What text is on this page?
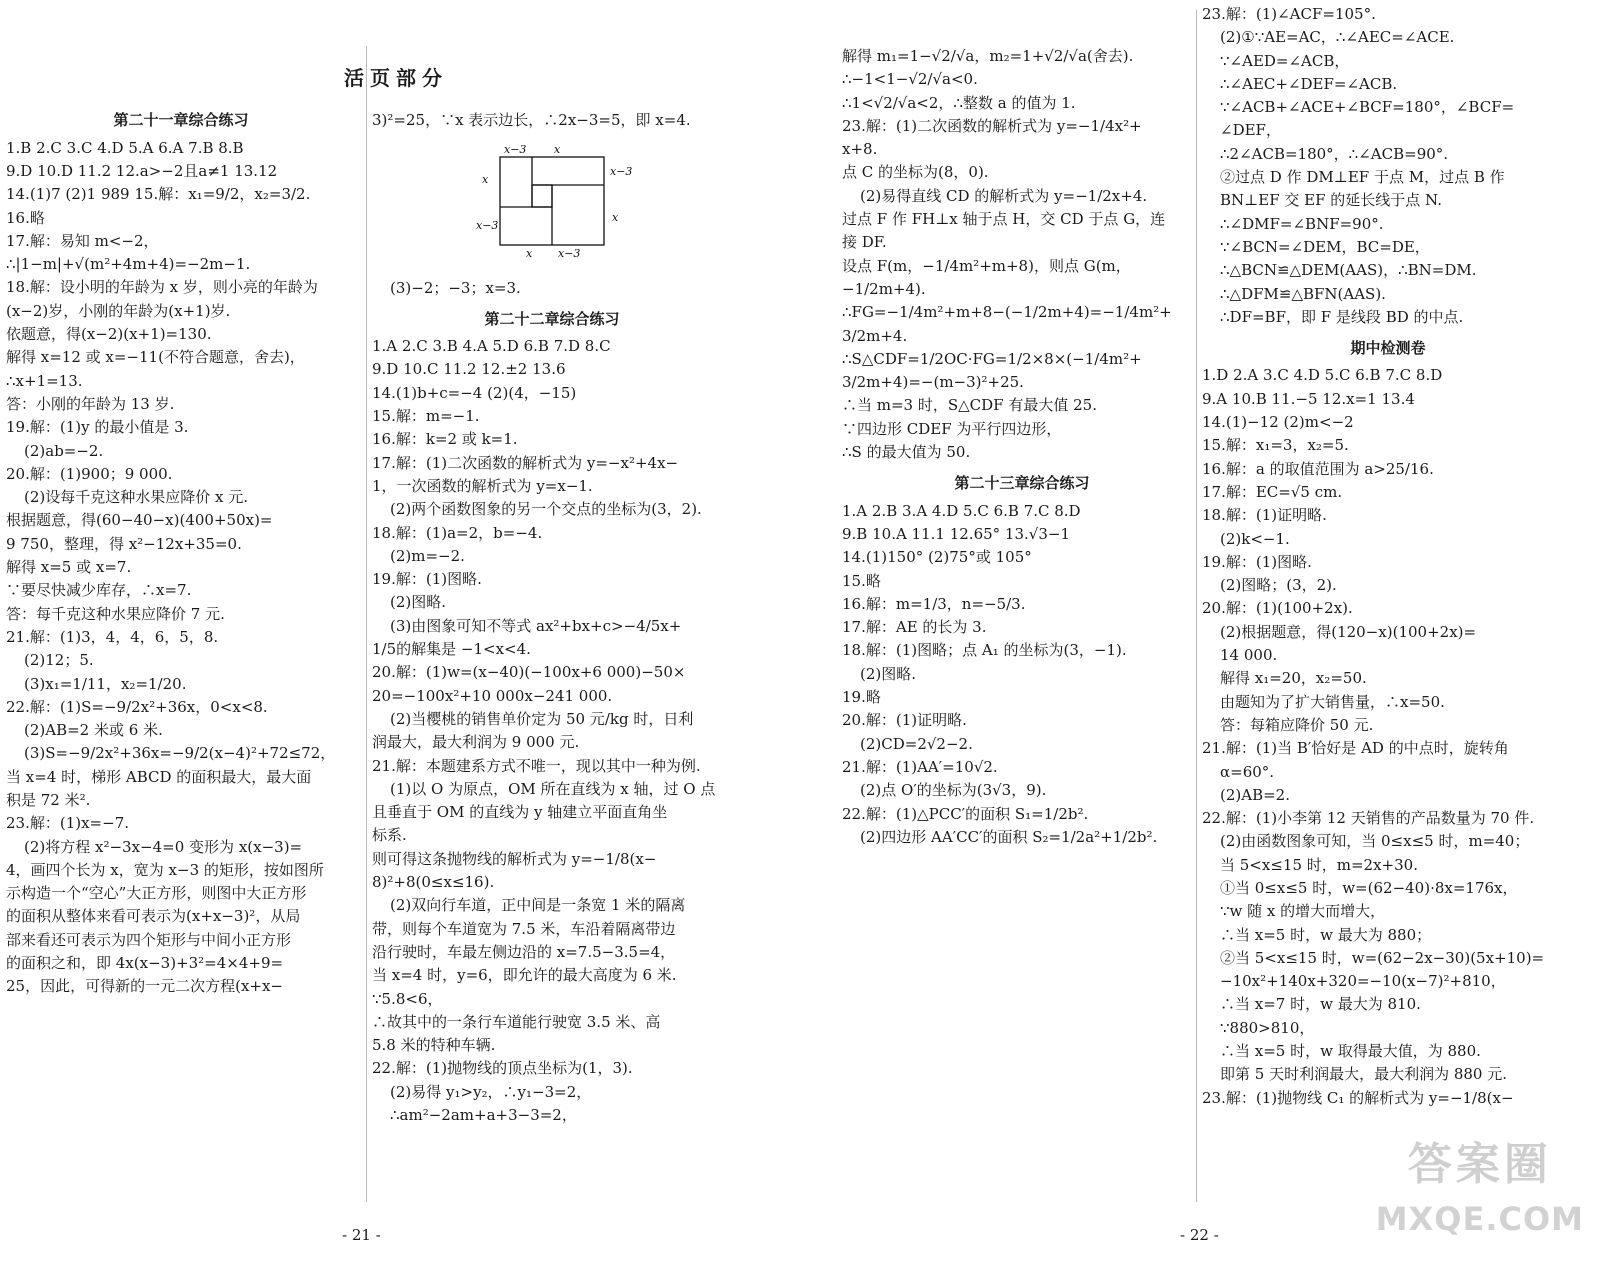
活页部分
第二十一章综合练习
1.B 2.C 3.C 4.D 5.A 6.A 7.B 8.B
9.D 10.D 11.2 12.a>−2且a≠1 13.12
14.(1)7 (2)1 989 15.解：x₁=9/2，x₂=3/2.
16.略
17.解：易知 m<−2，
∴|1−m|+√(m²+4m+4)=−2m−1.
18.解：设小明的年龄为 x 岁，则小亮的年龄为
(x−2)岁，小刚的年龄为(x+1)岁.
依题意，得(x−2)(x+1)=130.
解得 x=12 或 x=−11(不符合题意，舍去)，
∴x+1=13.
答：小刚的年龄为 13 岁.
19.解：(1)y 的最小值是 3.
(2)ab=−2.
20.解：(1)900；9 000.
(2)设每千克这种水果应降价 x 元.
根据题意，得(60−40−x)(400+50x)=
9 750，整理，得 x²−12x+35=0.
解得 x=5 或 x=7.
∵要尽快减少库存，∴x=7.
答：每千克这种水果应降价 7 元.
21.解：(1)3，4，4，6，5，8.
(2)12；5.
(3)x₁=1/11，x₂=1/20.
22.解：(1)S=−9/2x²+36x，0<x<8.
(2)AB=2 米或 6 米.
(3)S=−9/2x²+36x=−9/2(x−4)²+72≤72，
当 x=4 时，梯形 ABCD 的面积最大，最大面
积是 72 米².
23.解：(1)x=−7.
(2)将方程 x²−3x−4=0 变形为 x(x−3)=
4，画四个长为 x，宽为 x−3 的矩形，按如图所
示构造一个“空心”大正方形，则图中大正方形
的面积从整体来看可表示为(x+x−3)²，从局
部来看还可表示为四个矩形与中间小正方形
的面积之和，即 4x(x−3)+3²=4×4+9=
25，因此，可得新的一元二次方程(x+x−
3)²=25，∵x 表示边长，∴2x−3=5，即 x=4.
x−3	x
x
x−3
x−3
x
x x−3
(3)−2；−3；x=3.
第二十二章综合练习
1.A 2.C 3.B 4.A 5.D 6.B 7.D 8.C
9.D 10.C 11.2 12.±2 13.6
14.(1)b+c=−4 (2)(4，−15)
15.解：m=−1.
16.解：k=2 或 k=1.
17.解：(1)二次函数的解析式为 y=−x²+4x−
1，一次函数的解析式为 y=x−1.
(2)两个函数图象的另一个交点的坐标为(3，2).
18.解：(1)a=2，b=−4.
(2)m=−2.
19.解：(1)图略.
(2)图略.
(3)由图象可知不等式 ax²+bx+c>−4/5x+
1/5的解集是 −1<x<4.
20.解：(1)w=(x−40)(−100x+6 000)−50×
20=−100x²+10 000x−241 000.
(2)当樱桃的销售单价定为 50 元/kg 时，日利
润最大，最大利润为 9 000 元.
21.解：本题建系方式不唯一，现以其中一种为例.
(1)以 O 为原点，OM 所在直线为 x 轴，过 O 点
且垂直于 OM 的直线为 y 轴建立平面直角坐
标系.
则可得这条抛物线的解析式为 y=−1/8(x−
8)²+8(0≤x≤16).
(2)双向行车道，正中间是一条宽 1 米的隔离
带，则每个车道宽为 7.5 米，车沿着隔离带边
沿行驶时，车最左侧边沿的 x=7.5−3.5=4，
当 x=4 时，y=6，即允许的最大高度为 6 米.
∵5.8<6，
∴故其中的一条行车道能行驶宽 3.5 米、高
5.8 米的特种车辆.
22.解：(1)抛物线的顶点坐标为(1，3).
(2)易得 y₁>y₂，∴y₁−3=2，
∴am²−2am+a+3−3=2，
- 21 -
解得 m₁=1−√2/√a，m₂=1+√2/√a(舍去).
∴−1<1−√2/√a<0.
∴1<√2/√a<2，∴整数 a 的值为 1.
23.解：(1)二次函数的解析式为 y=−1/4x²+
x+8.
点 C 的坐标为(8，0).
(2)易得直线 CD 的解析式为 y=−1/2x+4.
过点 F 作 FH⊥x 轴于点 H，交 CD 于点 G，连
接 DF.
设点 F(m，−1/4m²+m+8)，则点 G(m，
−1/2m+4).
∴FG=−1/4m²+m+8−(−1/2m+4)=−1/4m²+
3/2m+4.
∴S△CDF=1/2OC·FG=1/2×8×(−1/4m²+
3/2m+4)=−(m−3)²+25.
∴当 m=3 时，S△CDF 有最大值 25.
∵四边形 CDEF 为平行四边形，
∴S 的最大值为 50.
第二十三章综合练习
1.A 2.B 3.A 4.D 5.C 6.B 7.C 8.D
9.B 10.A 11.1 12.65° 13.√3−1
14.(1)150° (2)75°或 105°
15.略
16.解：m=1/3，n=−5/3.
17.解：AE 的长为 3.
18.解：(1)图略；点 A₁ 的坐标为(3，−1).
(2)图略.
19.略
20.解：(1)证明略.
(2)CD=2√2−2.
21.解：(1)AA′=10√2.
(2)点 O′的坐标为(3√3，9).
22.解：(1)△PCC′的面积 S₁=1/2b².
(2)四边形 AA′CC′的面积 S₂=1/2a²+1/2b².
23.解：(1)∠ACF=105°.
(2)①∵AE=AC，∴∠AEC=∠ACE.
∵∠AED=∠ACB，
∴∠AEC+∠DEF=∠ACB.
∵∠ACB+∠ACE+∠BCF=180°，∠BCF=
∠DEF，
∴2∠ACB=180°，∴∠ACB=90°.
②过点 D 作 DM⊥EF 于点 M，过点 B 作
BN⊥EF 交 EF 的延长线于点 N.
∴∠DMF=∠BNF=90°.
∵∠BCN=∠DEM，BC=DE，
∴△BCN≌△DEM(AAS)，∴BN=DM.
∴△DFM≌△BFN(AAS).
∴DF=BF，即 F 是线段 BD 的中点.
期中检测卷
1.D 2.A 3.C 4.D 5.C 6.B 7.C 8.D
9.A 10.B 11.−5 12.x=1 13.4
14.(1)−12 (2)m<−2
15.解：x₁=3，x₂=5.
16.解：a 的取值范围为 a>25/16.
17.解：EC=√5 cm.
18.解：(1)证明略.
(2)k<−1.
19.解：(1)图略.
(2)图略；(3，2).
20.解：(1)(100+2x).
(2)根据题意，得(120−x)(100+2x)=
14 000.
解得 x₁=20，x₂=50.
由题知为了扩大销售量，∴x=50.
答：每箱应降价 50 元.
21.解：(1)当 B′恰好是 AD 的中点时，旋转角
α=60°.
(2)AB=2.
22.解：(1)小李第 12 天销售的产品数量为 70 件.
(2)由函数图象可知，当 0≤x≤5 时，m=40；
当 5<x≤15 时，m=2x+30.
①当 0≤x≤5 时，w=(62−40)·8x=176x，
∵w 随 x 的增大而增大，
∴当 x=5 时，w 最大为 880；
②当 5<x≤15 时，w=(62−2x−30)(5x+10)=
−10x²+140x+320=−10(x−7)²+810，
∴当 x=7 时，w 最大为 810.
∵880>810，
∴当 x=5 时，w 取得最大值，为 880.
即第 5 天时利润最大，最大利润为 880 元.
23.解：(1)抛物线 C₁ 的解析式为 y=−1/8(x−
- 22 -
答案圈
MXQE.COM
